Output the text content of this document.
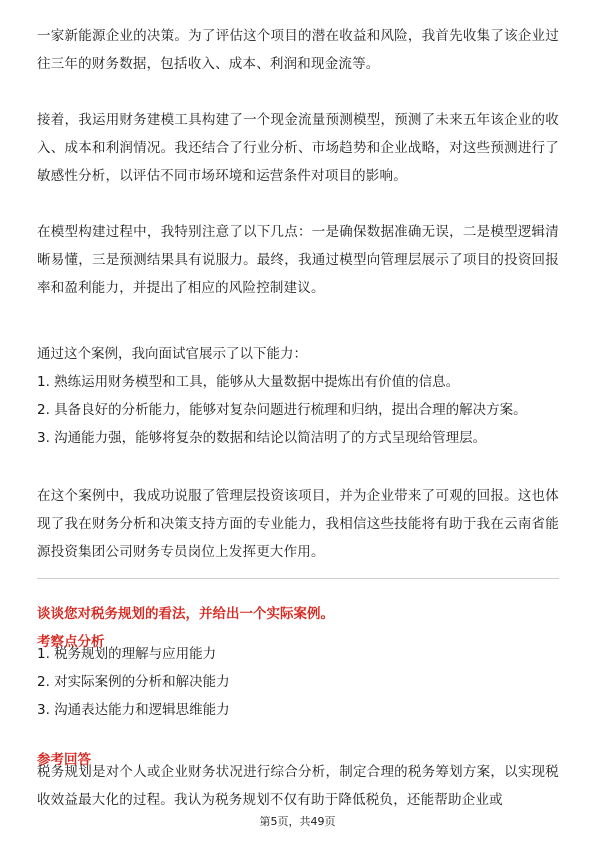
一家新能源企业的决策。为了评估这个项目的潜在收益和风险，我首先收集了该企业过往三年的财务数据，包括收入、成本、利润和现金流等。

接着，我运用财务建模工具构建了一个现金流量预测模型，预测了未来五年该企业的收入、成本和利润情况。我还结合了行业分析、市场趋势和企业战略，对这些预测进行了敏感性分析，以评估不同市场环境和运营条件对项目的影响。

在模型构建过程中，我特别注意了以下几点：一是确保数据准确无误，二是模型逻辑清晰易懂，三是预测结果具有说服力。最终，我通过模型向管理层展示了项目的投资回报率和盈利能力，并提出了相应的风险控制建议。

通过这个案例，我向面试官展示了以下能力：

1. 熟练运用财务模型和工具，能够从大量数据中提炼出有价值的信息。

2. 具备良好的分析能力，能够对复杂问题进行梳理和归纳，提出合理的解决方案。

3. 沟通能力强，能够将复杂的数据和结论以简洁明了的方式呈现给管理层。

在这个案例中，我成功说服了管理层投资该项目，并为企业带来了可观的回报。这也体现了我在财务分析和决策支持方面的专业能力，我相信这些技能将有助于我在云南省能源投资集团公司财务专员岗位上发挥更大作用。

谈谈您对税务规划的看法，并给出一个实际案例。

考察点分析

1. 税务规划的理解与应用能力

2. 对实际案例的分析和解决能力

3. 沟通表达能力和逻辑思维能力

参考回答

税务规划是对个人或企业财务状况进行综合分析，制定合理的税务筹划方案，以实现税收效益最大化的过程。我认为税务规划不仅有助于降低税负，还能帮助企业或

第5页，共49页
